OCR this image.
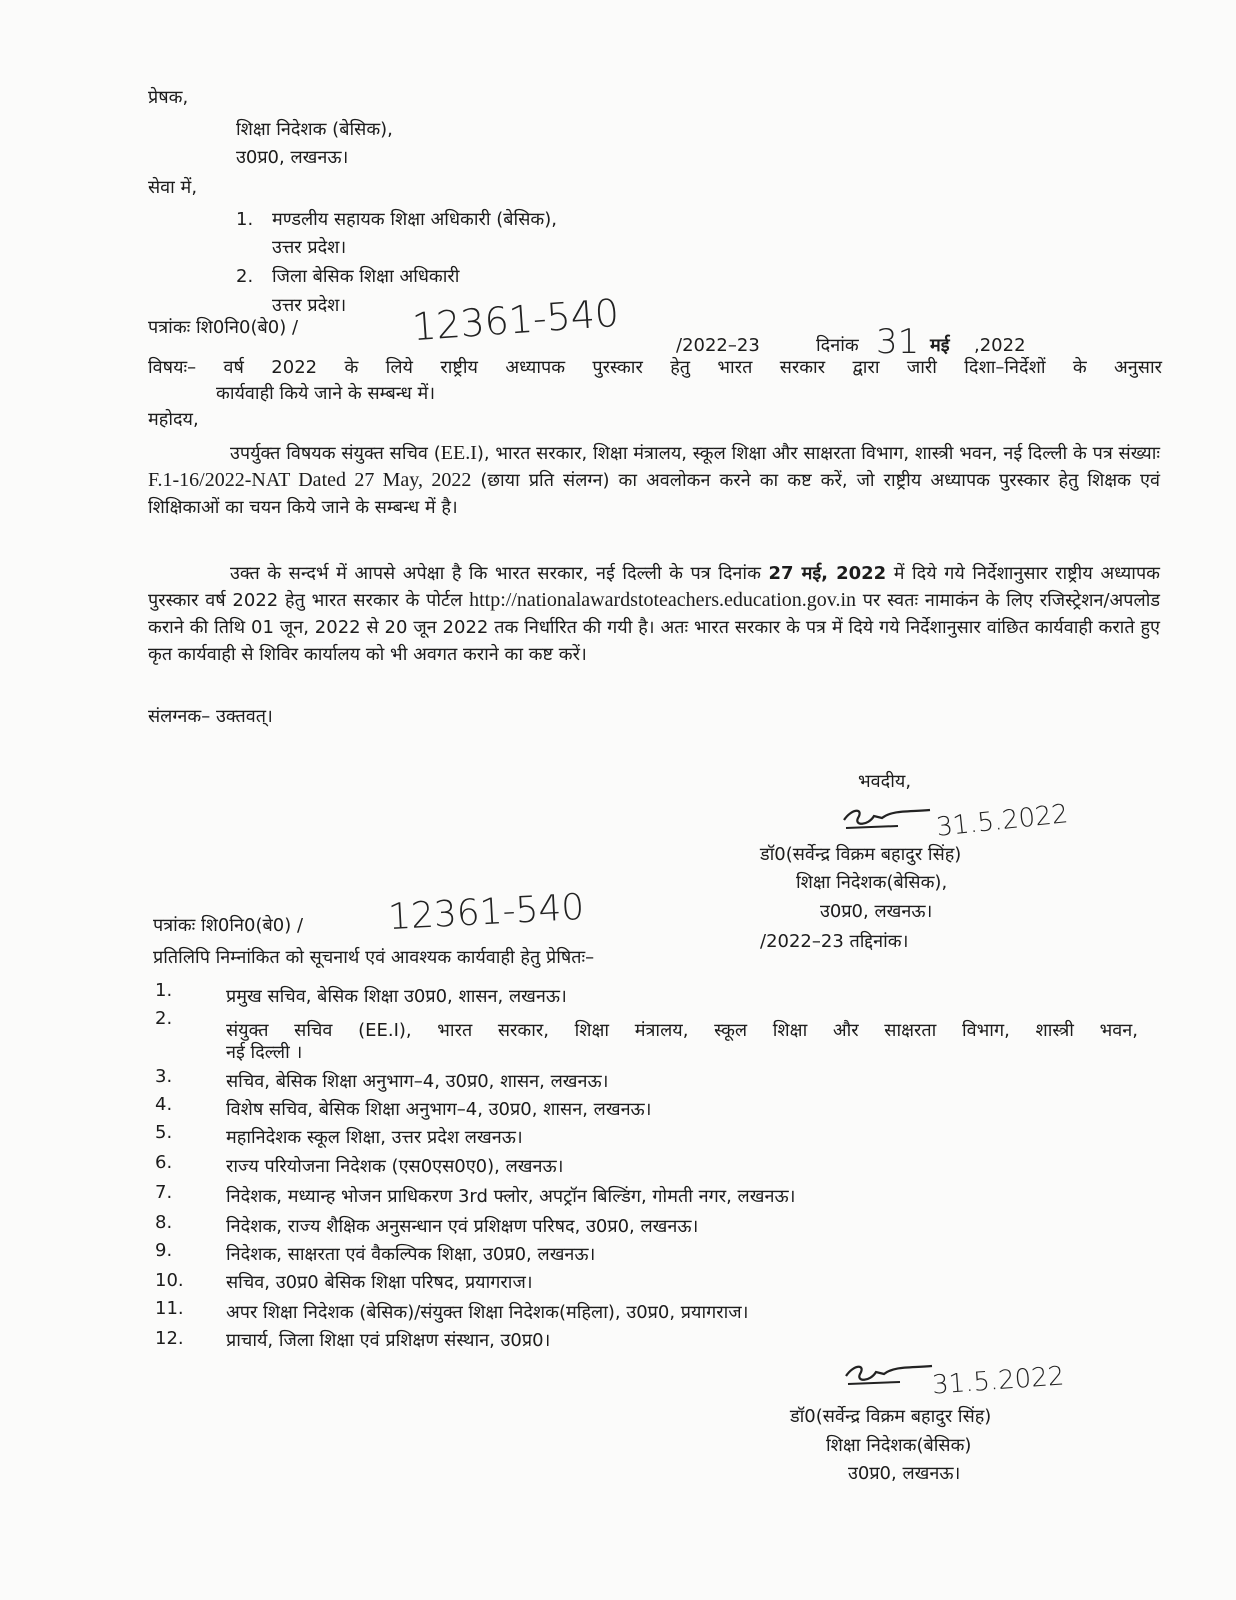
प्रेषक,
शिक्षा निदेशक (बेसिक),
उ0प्र0, लखनऊ।
सेवा में,
1. मण्डलीय सहायक शिक्षा अधिकारी (बेसिक),
उत्तर प्रदेश।
2. जिला बेसिक शिक्षा अधिकारी
उत्तर प्रदेश।
पत्रांकः शि0नि0(बे0) /	12361-540	/2022–23	दिनांक 31 मई ,2022
विषयः– वर्ष 2022 के लिये राष्ट्रीय अध्यापक पुरस्कार हेतु भारत सरकार द्वारा जारी दिशा–निर्देशों के अनुसार
कार्यवाही किये जाने के सम्बन्ध में।
महोदय,

उपर्युक्त विषयक संयुक्त सचिव (EE.I), भारत सरकार, शिक्षा मंत्रालय, स्कूल शिक्षा और साक्षरता विभाग, शास्त्री भवन, नई दिल्ली के पत्र संख्याः F.1-16/2022-NAT Dated 27 May, 2022 (छाया प्रति संलग्न) का अवलोकन करने का कष्ट करें, जो राष्ट्रीय अध्यापक पुरस्कार हेतु शिक्षक एवं शिक्षिकाओं का चयन किये जाने के सम्बन्ध में है।

उक्त के सन्दर्भ में आपसे अपेक्षा है कि भारत सरकार, नई दिल्ली के पत्र दिनांक 27 मई, 2022 में दिये गये निर्देशानुसार राष्ट्रीय अध्यापक पुरस्कार वर्ष 2022 हेतु भारत सरकार के पोर्टल http://nationalawardstoteachers.education.gov.in पर स्वतः नामाकंन के लिए रजिस्ट्रेशन/अपलोड कराने की तिथि 01 जून, 2022 से 20 जून 2022 तक निर्धारित की गयी है। अतः भारत सरकार के पत्र में दिये गये निर्देशानुसार वांछित कार्यवाही कराते हुए कृत कार्यवाही से शिविर कार्यालय को भी अवगत कराने का कष्ट करें।

संलग्नक– उक्तवत्।
भवदीय,
31.5.2022
डॉ0(सर्वेन्द्र विक्रम बहादुर सिंह)
शिक्षा निदेशक(बेसिक),
उ0प्र0, लखनऊ।
पत्रांकः शि0नि0(बे0) / 12361-540
/2022–23 तद्दिनांक।
प्रतिलिपि निम्नांकित को सूचनार्थ एवं आवश्यक कार्यवाही हेतु प्रेषितः–
1.	प्रमुख सचिव, बेसिक शिक्षा उ0प्र0, शासन, लखनऊ।
2.
संयुक्त सचिव (EE.I), भारत सरकार, शिक्षा मंत्रालय, स्कूल शिक्षा और साक्षरता विभाग, शास्त्री भवन,
नई दिल्ली ।
3.	सचिव, बेसिक शिक्षा अनुभाग–4, उ0प्र0, शासन, लखनऊ।
4.	विशेष सचिव, बेसिक शिक्षा अनुभाग–4, उ0प्र0, शासन, लखनऊ।
5.	महानिदेशक स्कूल शिक्षा, उत्तर प्रदेश लखनऊ।
6.	राज्य परियोजना निदेशक (एस0एस0ए0), लखनऊ।
7.	निदेशक, मध्यान्ह भोजन प्राधिकरण 3rd फ्लोर, अपट्रॉन बिल्डिंग, गोमती नगर, लखनऊ।
8.	निदेशक, राज्य शैक्षिक अनुसन्धान एवं प्रशिक्षण परिषद, उ0प्र0, लखनऊ।
9.	निदेशक, साक्षरता एवं वैकल्पिक शिक्षा, उ0प्र0, लखनऊ।
10. सचिव, उ0प्र0 बेसिक शिक्षा परिषद, प्रयागराज।
11. अपर शिक्षा निदेशक (बेसिक)/संयुक्त शिक्षा निदेशक(महिला), उ0प्र0, प्रयागराज।
12. प्राचार्य, जिला शिक्षा एवं प्रशिक्षण संस्थान, उ0प्र0।
31.5.2022
डॉ0(सर्वेन्द्र विक्रम बहादुर सिंह)
शिक्षा निदेशक(बेसिक)
उ0प्र0, लखनऊ।
